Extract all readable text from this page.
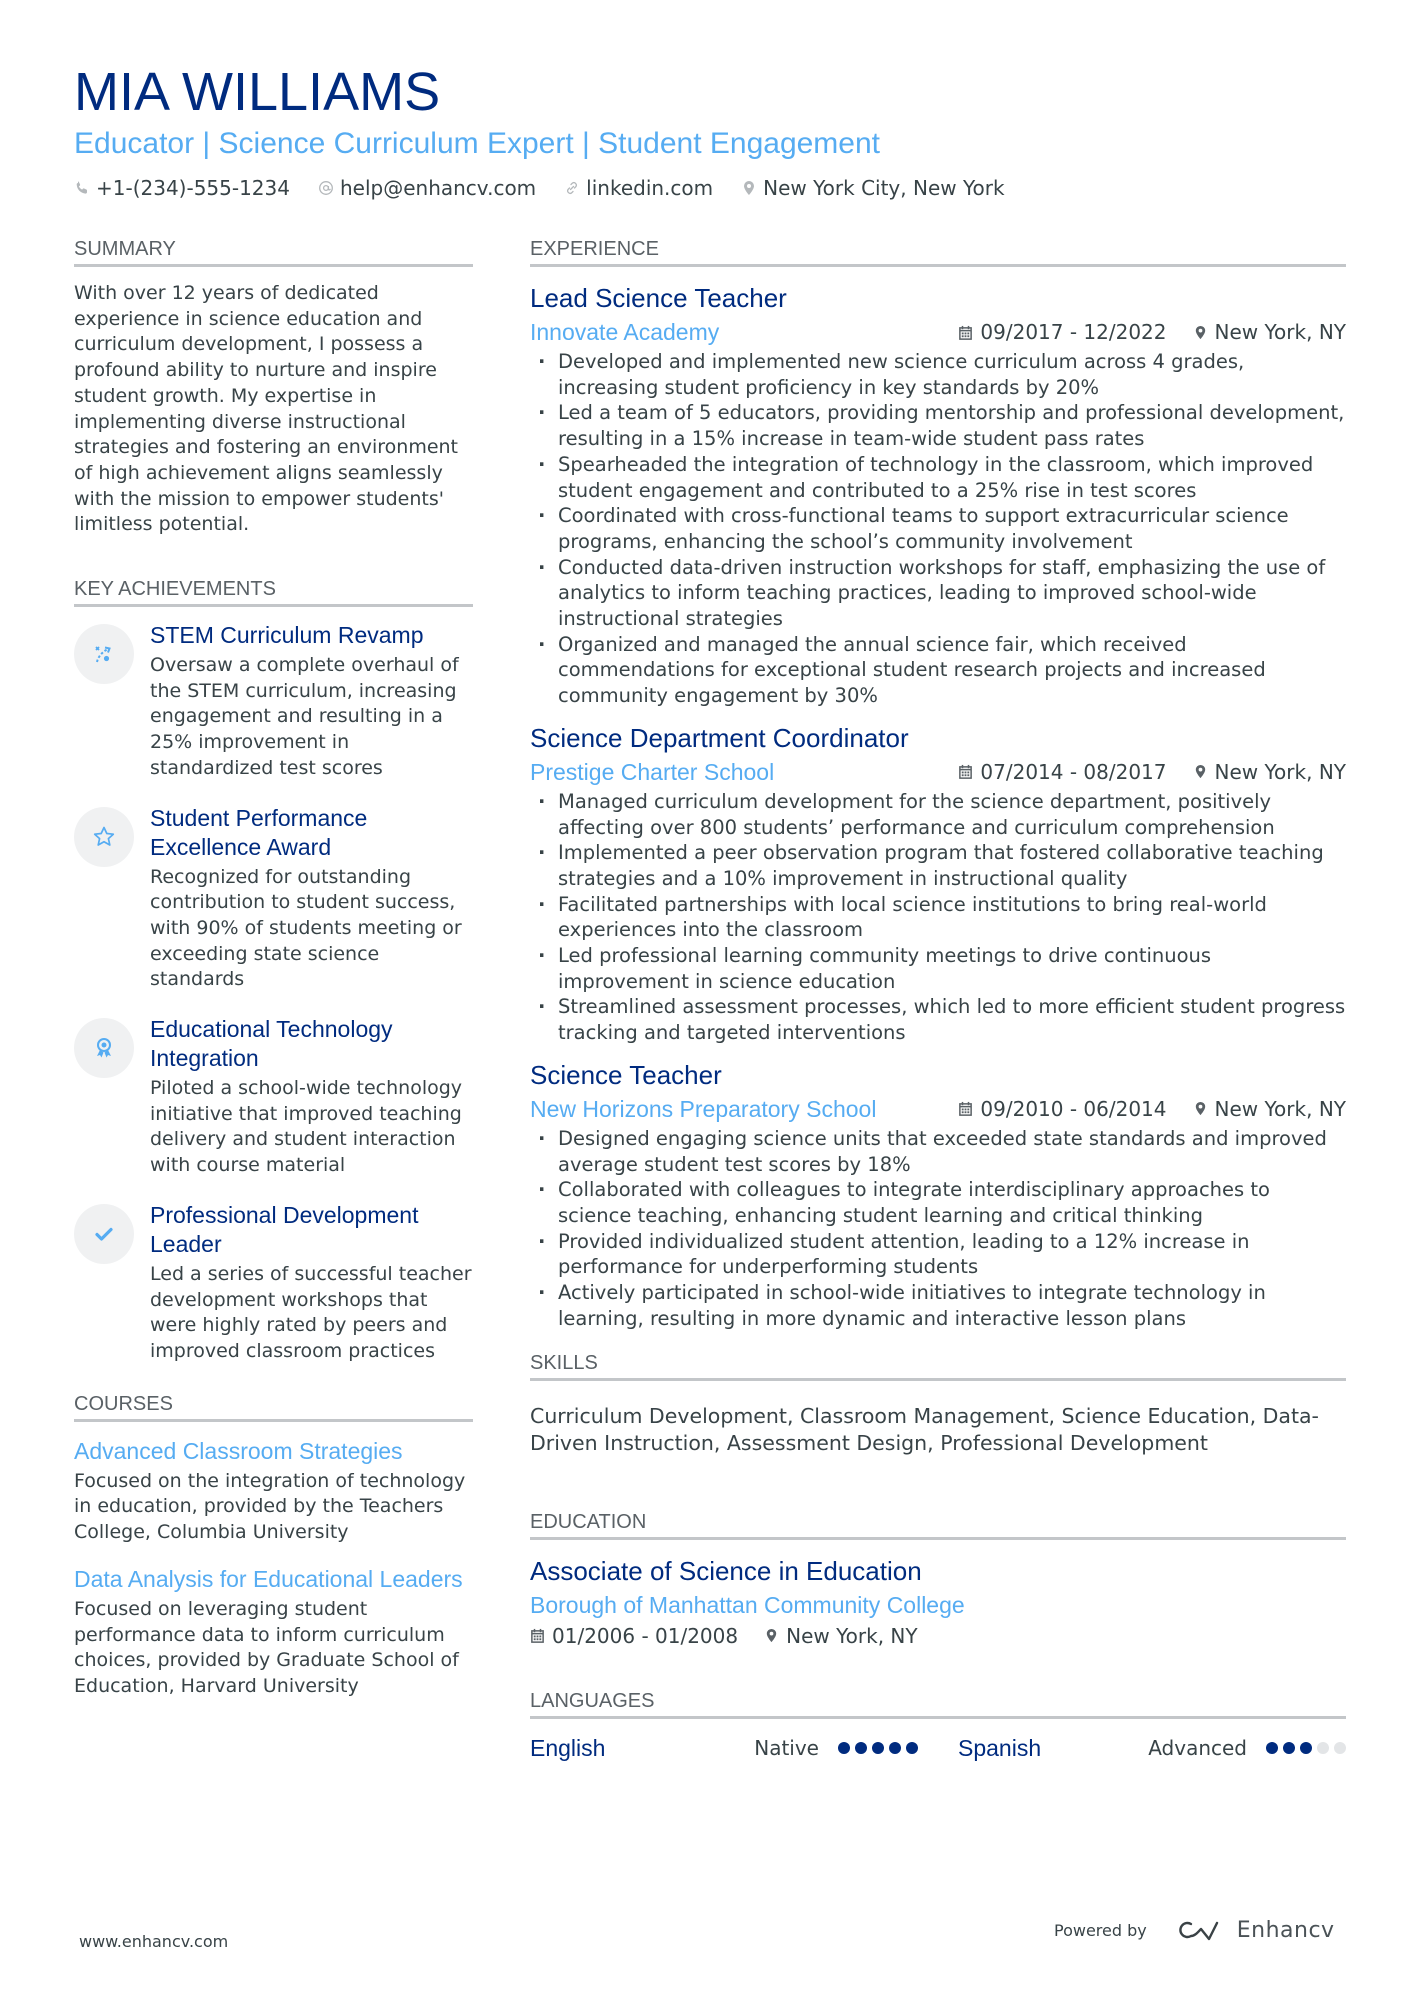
MIA WILLIAMS
Educator | Science Curriculum Expert | Student Engagement
+1-(234)-555-1234	help@enhancv.com	linkedin.com	New York City, New York
SUMMARY

With over 12 years of dedicated experience in science education and curriculum development, I possess a profound ability to nurture and inspire student growth. My expertise in implementing diverse instructional strategies and fostering an environment of high achievement aligns seamlessly with the mission to empower students' limitless potential.

KEY ACHIEVEMENTS
STEM Curriculum Revamp

Oversaw a complete overhaul of the STEM curriculum, increasing engagement and resulting in a 25% improvement in standardized test scores

Student Performance Excellence Award

Recognized for outstanding contribution to student success, with 90% of students meeting or exceeding state science standards

Educational Technology Integration

Piloted a school-wide technology initiative that improved teaching delivery and student interaction with course material

Professional Development Leader

Led a series of successful teacher development workshops that were highly rated by peers and improved classroom practices

COURSES
Advanced Classroom Strategies

Focused on the integration of technology in education, provided by the Teachers College, Columbia University

Data Analysis for Educational Leaders

Focused on leveraging student performance data to inform curriculum choices, provided by Graduate School of Education, Harvard University

EXPERIENCE
Lead Science Teacher
Innovate Academy	09/2017 - 12/2022 New York, NY
· Developed and implemented new science curriculum across 4 grades, increasing student proficiency in key standards by 20%
· Led a team of 5 educators, providing mentorship and professional development, resulting in a 15% increase in team-wide student pass rates
· Spearheaded the integration of technology in the classroom, which improved student engagement and contributed to a 25% rise in test scores
· Coordinated with cross-functional teams to support extracurricular science programs, enhancing the school’s community involvement
· Conducted data-driven instruction workshops for staff, emphasizing the use of analytics to inform teaching practices, leading to improved school-wide instructional strategies
· Organized and managed the annual science fair, which received commendations for exceptional student research projects and increased community engagement by 30%
Science Department Coordinator
Prestige Charter School	07/2014 - 08/2017 New York, NY
· Managed curriculum development for the science department, positively affecting over 800 students’ performance and curriculum comprehension
· Implemented a peer observation program that fostered collaborative teaching strategies and a 10% improvement in instructional quality
· Facilitated partnerships with local science institutions to bring real-world experiences into the classroom
· Led professional learning community meetings to drive continuous improvement in science education
· Streamlined assessment processes, which led to more efficient student progress tracking and targeted interventions
Science Teacher
New Horizons Preparatory School	09/2010 - 06/2014 New York, NY
· Designed engaging science units that exceeded state standards and improved average student test scores by 18%
· Collaborated with colleagues to integrate interdisciplinary approaches to science teaching, enhancing student learning and critical thinking
· Provided individualized student attention, leading to a 12% increase in performance for underperforming students
· Actively participated in school-wide initiatives to integrate technology in learning, resulting in more dynamic and interactive lesson plans
SKILLS

Curriculum Development, Classroom Management, Science Education, Data-Driven Instruction, Assessment Design, Professional Development

EDUCATION
Associate of Science in Education
Borough of Manhattan Community College
01/2006 - 01/2008 New York, NY
LANGUAGES
English	Native	Spanish	Advanced
www.enhancv.com
Powered by	Enhancv
